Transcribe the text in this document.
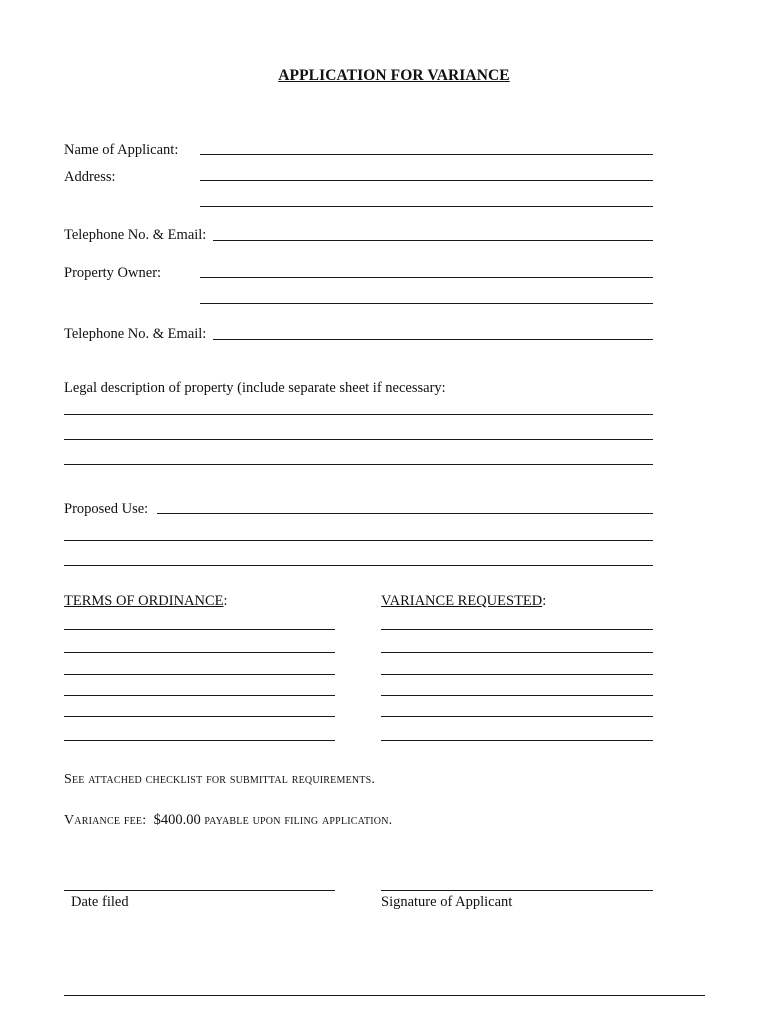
APPLICATION FOR VARIANCE
Name of Applicant:
Address:
Telephone No. & Email:
Property Owner:
Telephone No. & Email:
Legal description of property (include separate sheet if necessary:
Proposed Use:
TERMS OF ORDINANCE:	VARIANCE REQUESTED:
See attached checklist for submittal requirements.
Variance fee: $400.00 payable upon filing application.
Date filed	Signature of Applicant
